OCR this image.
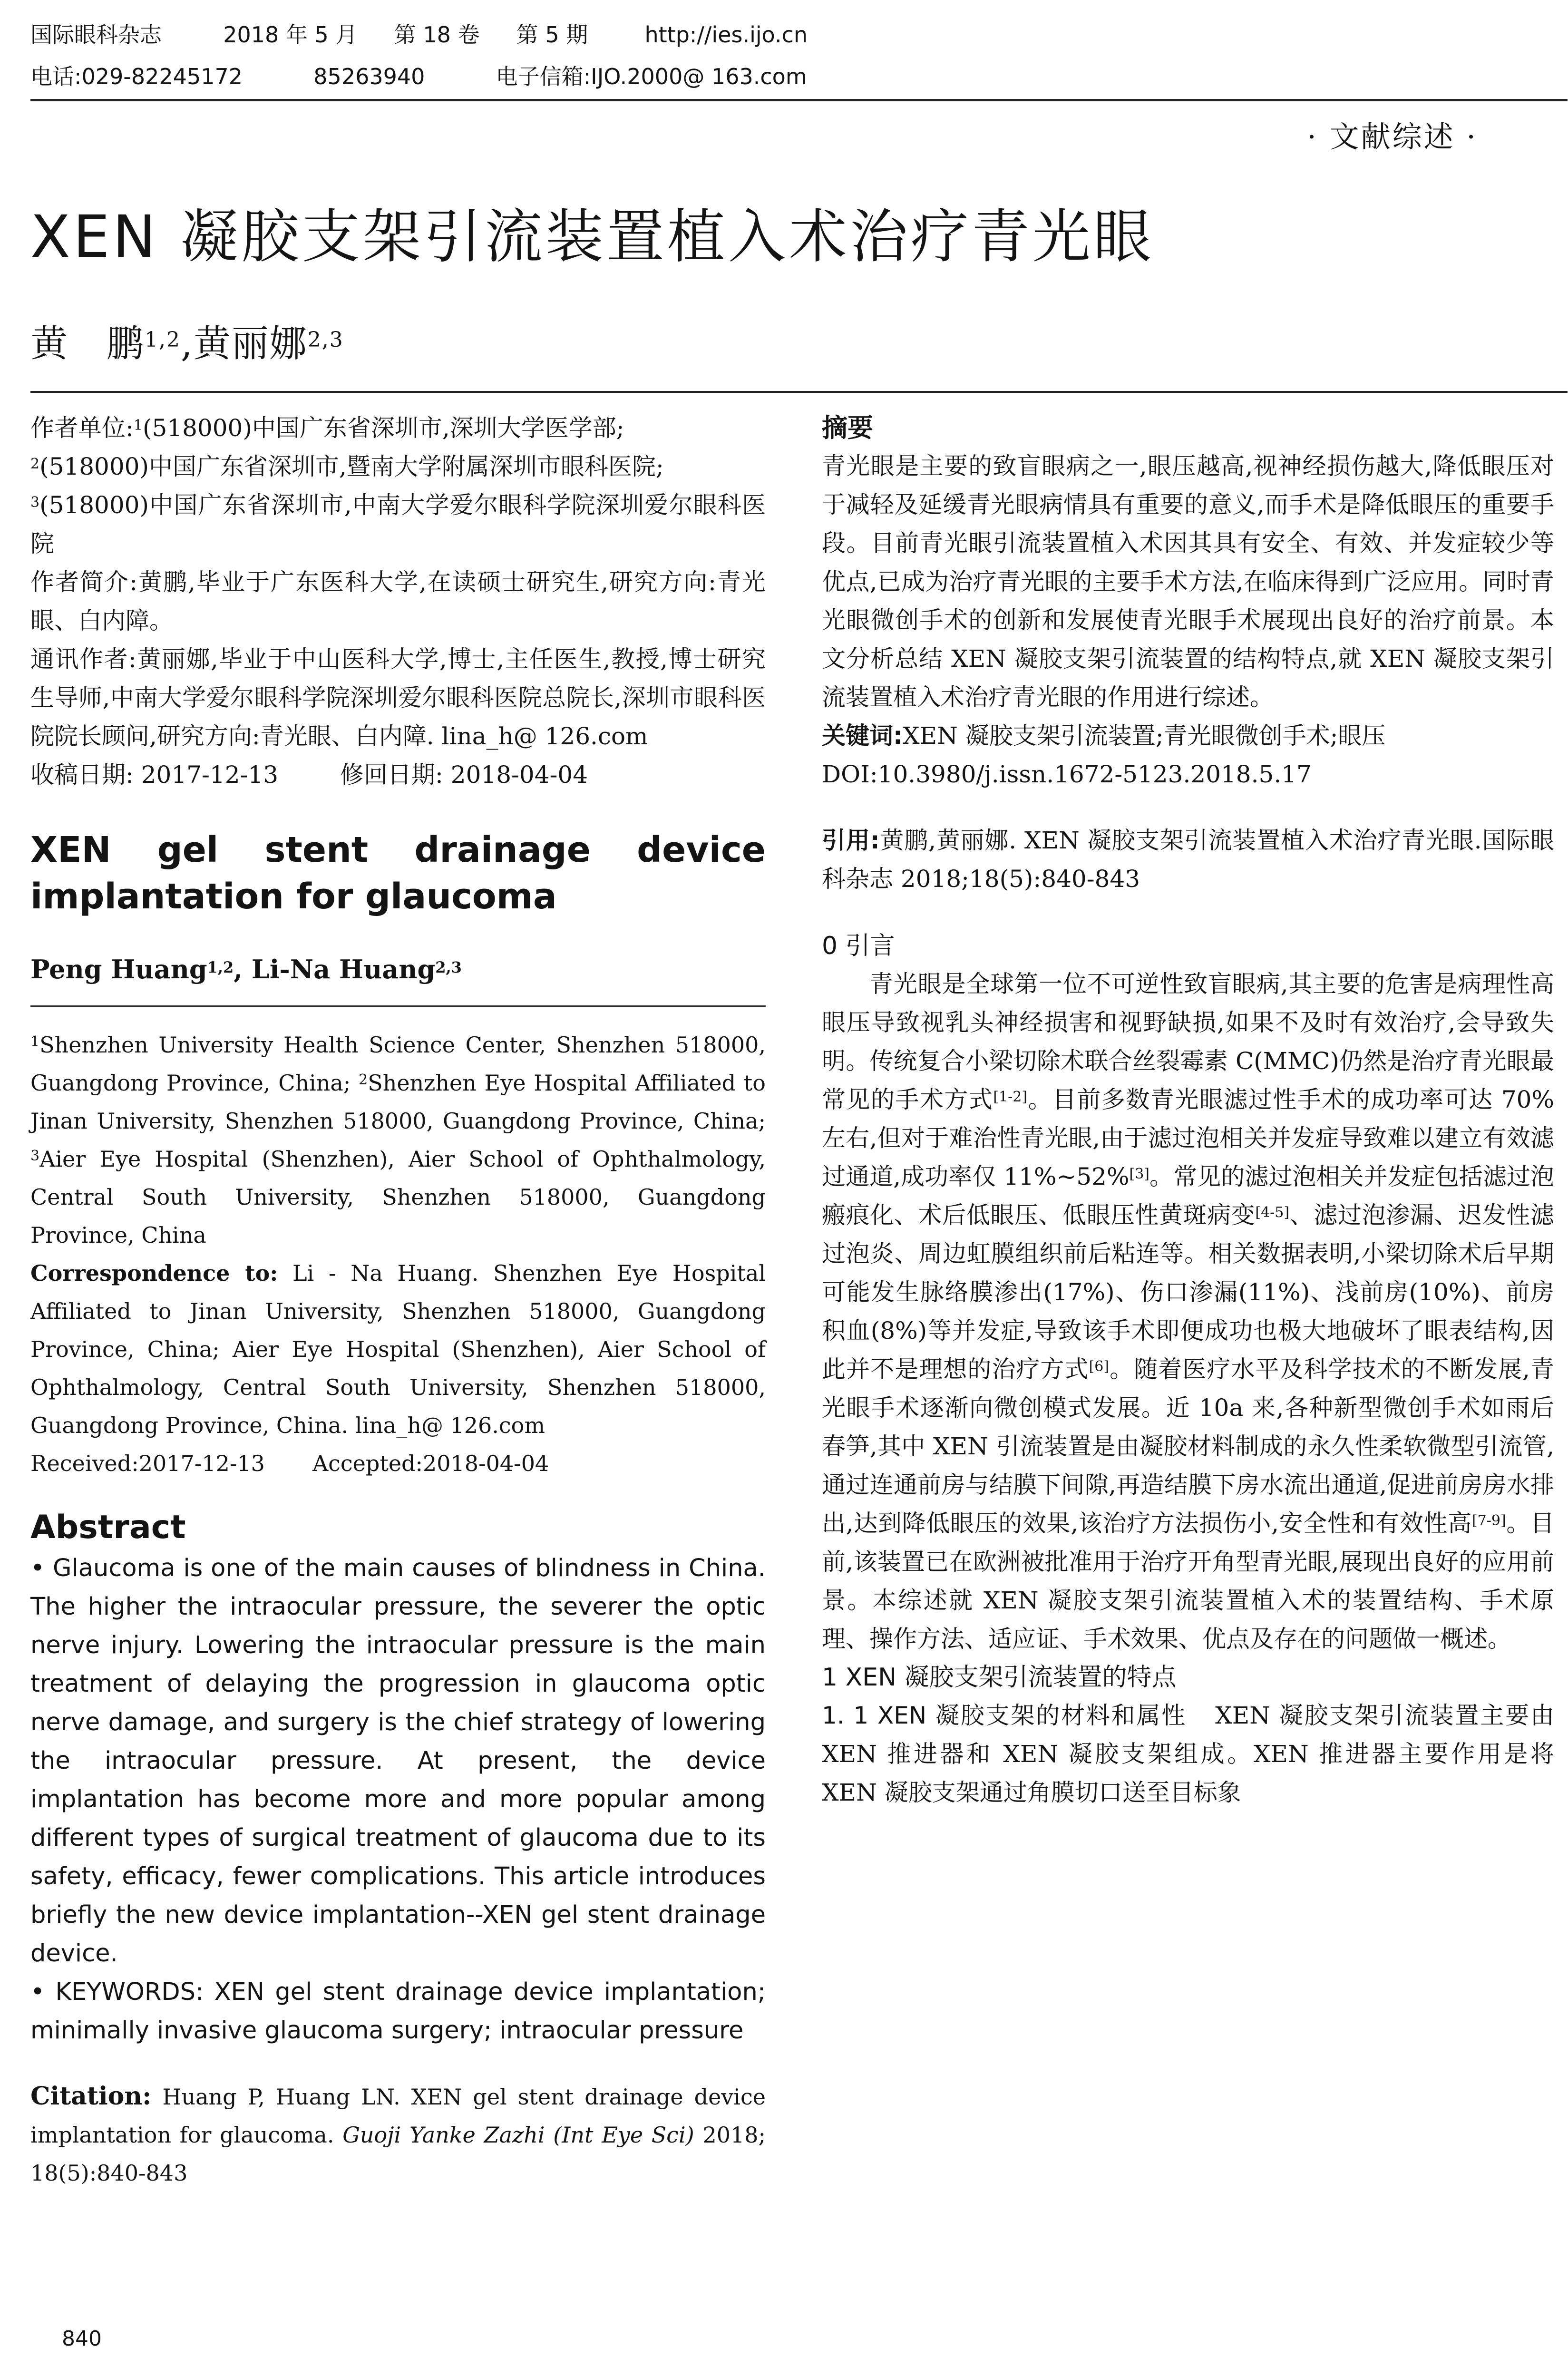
国际眼科杂志	2018 年 5 月 第 18 卷 第 5 期	http://ies.ijo.cn
电话:029-82245172	85263940	电子信箱:IJO.2000@ 163.com
· 文献综述 ·
XEN 凝胶支架引流装置植入术治疗青光眼
黄　鹏$^{1,2}$,黄丽娜$^{2,3}$

作者单位:$^1$(518000)中国广东省深圳市,深圳大学医学部;
$^2$(518000)中国广东省深圳市,暨南大学附属深圳市眼科医院;
$^3$(518000)中国广东省深圳市,中南大学爱尔眼科学院深圳爱尔眼科医院

作者简介:黄鹏,毕业于广东医科大学,在读硕士研究生,研究方向:青光眼、白内障。

通讯作者:黄丽娜,毕业于中山医科大学,博士,主任医生,教授,博士研究生导师,中南大学爱尔眼科学院深圳爱尔眼科医院总院长,深圳市眼科医院院长顾问,研究方向:青光眼、白内障. lina_h@ 126.com

收稿日期: 2017-12-13	修回日期: 2018-04-04

XEN gel stent drainage device implantation for glaucoma

Peng Huang$^{1,2}$, Li-Na Huang$^{2,3}$

$^1$Shenzhen University Health Science Center, Shenzhen 518000, Guangdong Province, China; $^2$Shenzhen Eye Hospital Affiliated to Jinan University, Shenzhen 518000, Guangdong Province, China; $^3$Aier Eye Hospital (Shenzhen), Aier School of Ophthalmology, Central South University, Shenzhen 518000, Guangdong Province, China

Correspondence to: Li - Na Huang. Shenzhen Eye Hospital Affiliated to Jinan University, Shenzhen 518000, Guangdong Province, China; Aier Eye Hospital (Shenzhen), Aier School of Ophthalmology, Central South University, Shenzhen 518000, Guangdong Province, China. lina_h@ 126.com

Received:2017-12-13 Accepted:2018-04-04

Abstract

• Glaucoma is one of the main causes of blindness in China. The higher the intraocular pressure, the severer the optic nerve injury. Lowering the intraocular pressure is the main treatment of delaying the progression in glaucoma optic nerve damage, and surgery is the chief strategy of lowering the intraocular pressure. At present, the device implantation has become more and more popular among different types of surgical treatment of glaucoma due to its safety, efficacy, fewer complications. This article introduces briefly the new device implantation--XEN gel stent drainage device.

• KEYWORDS: XEN gel stent drainage device implantation; minimally invasive glaucoma surgery; intraocular pressure

Citation: Huang P, Huang LN. XEN gel stent drainage device implantation for glaucoma. Guoji Yanke Zazhi (Int Eye Sci) 2018; 18(5):840-843

摘要

青光眼是主要的致盲眼病之一,眼压越高,视神经损伤越大,降低眼压对于减轻及延缓青光眼病情具有重要的意义,而手术是降低眼压的重要手段。目前青光眼引流装置植入术因其具有安全、有效、并发症较少等优点,已成为治疗青光眼的主要手术方法,在临床得到广泛应用。同时青光眼微创手术的创新和发展使青光眼手术展现出良好的治疗前景。本文分析总结 XEN 凝胶支架引流装置的结构特点,就 XEN 凝胶支架引流装置植入术治疗青光眼的作用进行综述。

关键词:XEN 凝胶支架引流装置;青光眼微创手术;眼压

DOI:10.3980/j.issn.1672-5123.2018.5.17

引用:黄鹏,黄丽娜. XEN 凝胶支架引流装置植入术治疗青光眼.国际眼科杂志 2018;18(5):840-843

0 引言

青光眼是全球第一位不可逆性致盲眼病,其主要的危害是病理性高眼压导致视乳头神经损害和视野缺损,如果不及时有效治疗,会导致失明。传统复合小梁切除术联合丝裂霉素 C(MMC)仍然是治疗青光眼最常见的手术方式[1-2]。目前多数青光眼滤过性手术的成功率可达 70%左右,但对于难治性青光眼,由于滤过泡相关并发症导致难以建立有效滤过通道,成功率仅 11%~52%[3]。常见的滤过泡相关并发症包括滤过泡瘢痕化、术后低眼压、低眼压性黄斑病变[4-5]、滤过泡渗漏、迟发性滤过泡炎、周边虹膜组织前后粘连等。相关数据表明,小梁切除术后早期可能发生脉络膜渗出(17%)、伤口渗漏(11%)、浅前房(10%)、前房积血(8%)等并发症,导致该手术即便成功也极大地破坏了眼表结构,因此并不是理想的治疗方式[6]。随着医疗水平及科学技术的不断发展,青光眼手术逐渐向微创模式发展。近 10a 来,各种新型微创手术如雨后春笋,其中 XEN 引流装置是由凝胶材料制成的永久性柔软微型引流管,通过连通前房与结膜下间隙,再造结膜下房水流出通道,促进前房房水排出,达到降低眼压的效果,该治疗方法损伤小,安全性和有效性高[7-9]。目前,该装置已在欧洲被批准用于治疗开角型青光眼,展现出良好的应用前景。本综述就 XEN 凝胶支架引流装置植入术的装置结构、手术原理、操作方法、适应证、手术效果、优点及存在的问题做一概述。

1 XEN 凝胶支架引流装置的特点

1. 1 XEN 凝胶支架的材料和属性 XEN 凝胶支架引流装置主要由 XEN 推进器和 XEN 凝胶支架组成。XEN 推进器主要作用是将 XEN 凝胶支架通过角膜切口送至目标象

840
